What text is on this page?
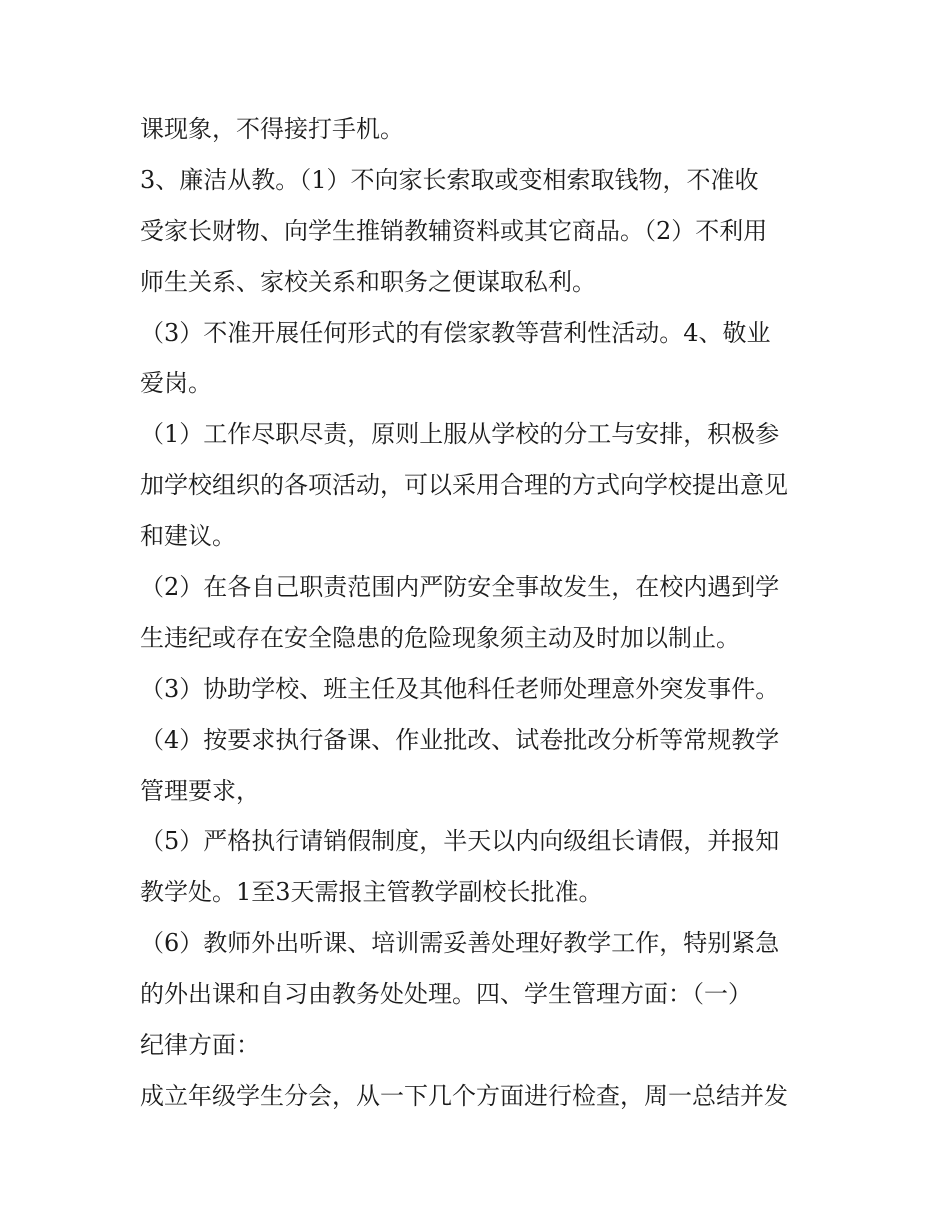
课现象，不得接打手机。
3、廉洁从教。（1）不向家长索取或变相索取钱物，不准收
受家长财物、向学生推销教辅资料或其它商品。（2）不利用
师生关系、家校关系和职务之便谋取私利。
（3）不准开展任何形式的有偿家教等营利性活动。4、敬业
爱岗。
（1）工作尽职尽责，原则上服从学校的分工与安排，积极参
加学校组织的各项活动，可以采用合理的方式向学校提出意见
和建议。
（2）在各自己职责范围内严防安全事故发生，在校内遇到学
生违纪或存在安全隐患的危险现象须主动及时加以制止。
（3）协助学校、班主任及其他科任老师处理意外突发事件。
（4）按要求执行备课、作业批改、试卷批改分析等常规教学
管理要求，
（5）严格执行请销假制度，半天以内向级组长请假，并报知
教学处。1至3天需报主管教学副校长批准。
（6）教师外出听课、培训需妥善处理好教学工作，特别紧急
的外出课和自习由教务处处理。四、学生管理方面：（一）
纪律方面：
成立年级学生分会，从一下几个方面进行检查，周一总结并发
